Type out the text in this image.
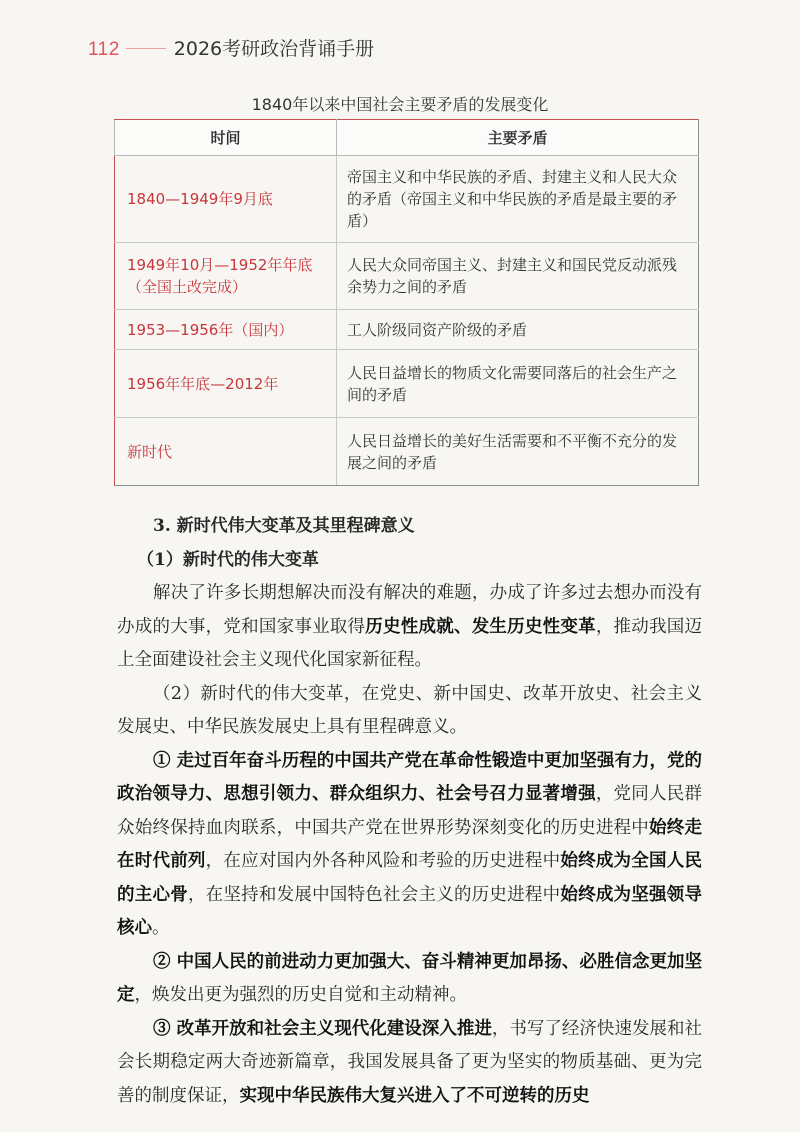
112	2026考研政治背诵手册
1840年以来中国社会主要矛盾的发展变化
时间	主要矛盾
1840—1949年9月底	帝国主义和中华民族的矛盾、封建主义和人民大众的矛盾（帝国主义和中华民族的矛盾是最主要的矛盾）
1949年10月—1952年年底（全国土改完成）	人民大众同帝国主义、封建主义和国民党反动派残余势力之间的矛盾
1953—1956年（国内）	工人阶级同资产阶级的矛盾
1956年年底—2012年	人民日益增长的物质文化需要同落后的社会生产之间的矛盾
新时代	人民日益增长的美好生活需要和不平衡不充分的发展之间的矛盾

3. 新时代伟大变革及其里程碑意义

（1）新时代的伟大变革

解决了许多长期想解决而没有解决的难题，办成了许多过去想办而没有办成的大事，党和国家事业取得历史性成就、发生历史性变革，推动我国迈上全面建设社会主义现代化国家新征程。

（2）新时代的伟大变革，在党史、新中国史、改革开放史、社会主义发展史、中华民族发展史上具有里程碑意义。

① 走过百年奋斗历程的中国共产党在革命性锻造中更加坚强有力，党的政治领导力、思想引领力、群众组织力、社会号召力显著增强，党同人民群众始终保持血肉联系，中国共产党在世界形势深刻变化的历史进程中始终走在时代前列，在应对国内外各种风险和考验的历史进程中始终成为全国人民的主心骨，在坚持和发展中国特色社会主义的历史进程中始终成为坚强领导核心。

② 中国人民的前进动力更加强大、奋斗精神更加昂扬、必胜信念更加坚定，焕发出更为强烈的历史自觉和主动精神。

③ 改革开放和社会主义现代化建设深入推进，书写了经济快速发展和社会长期稳定两大奇迹新篇章，我国发展具备了更为坚实的物质基础、更为完善的制度保证，实现中华民族伟大复兴进入了不可逆转的历史
